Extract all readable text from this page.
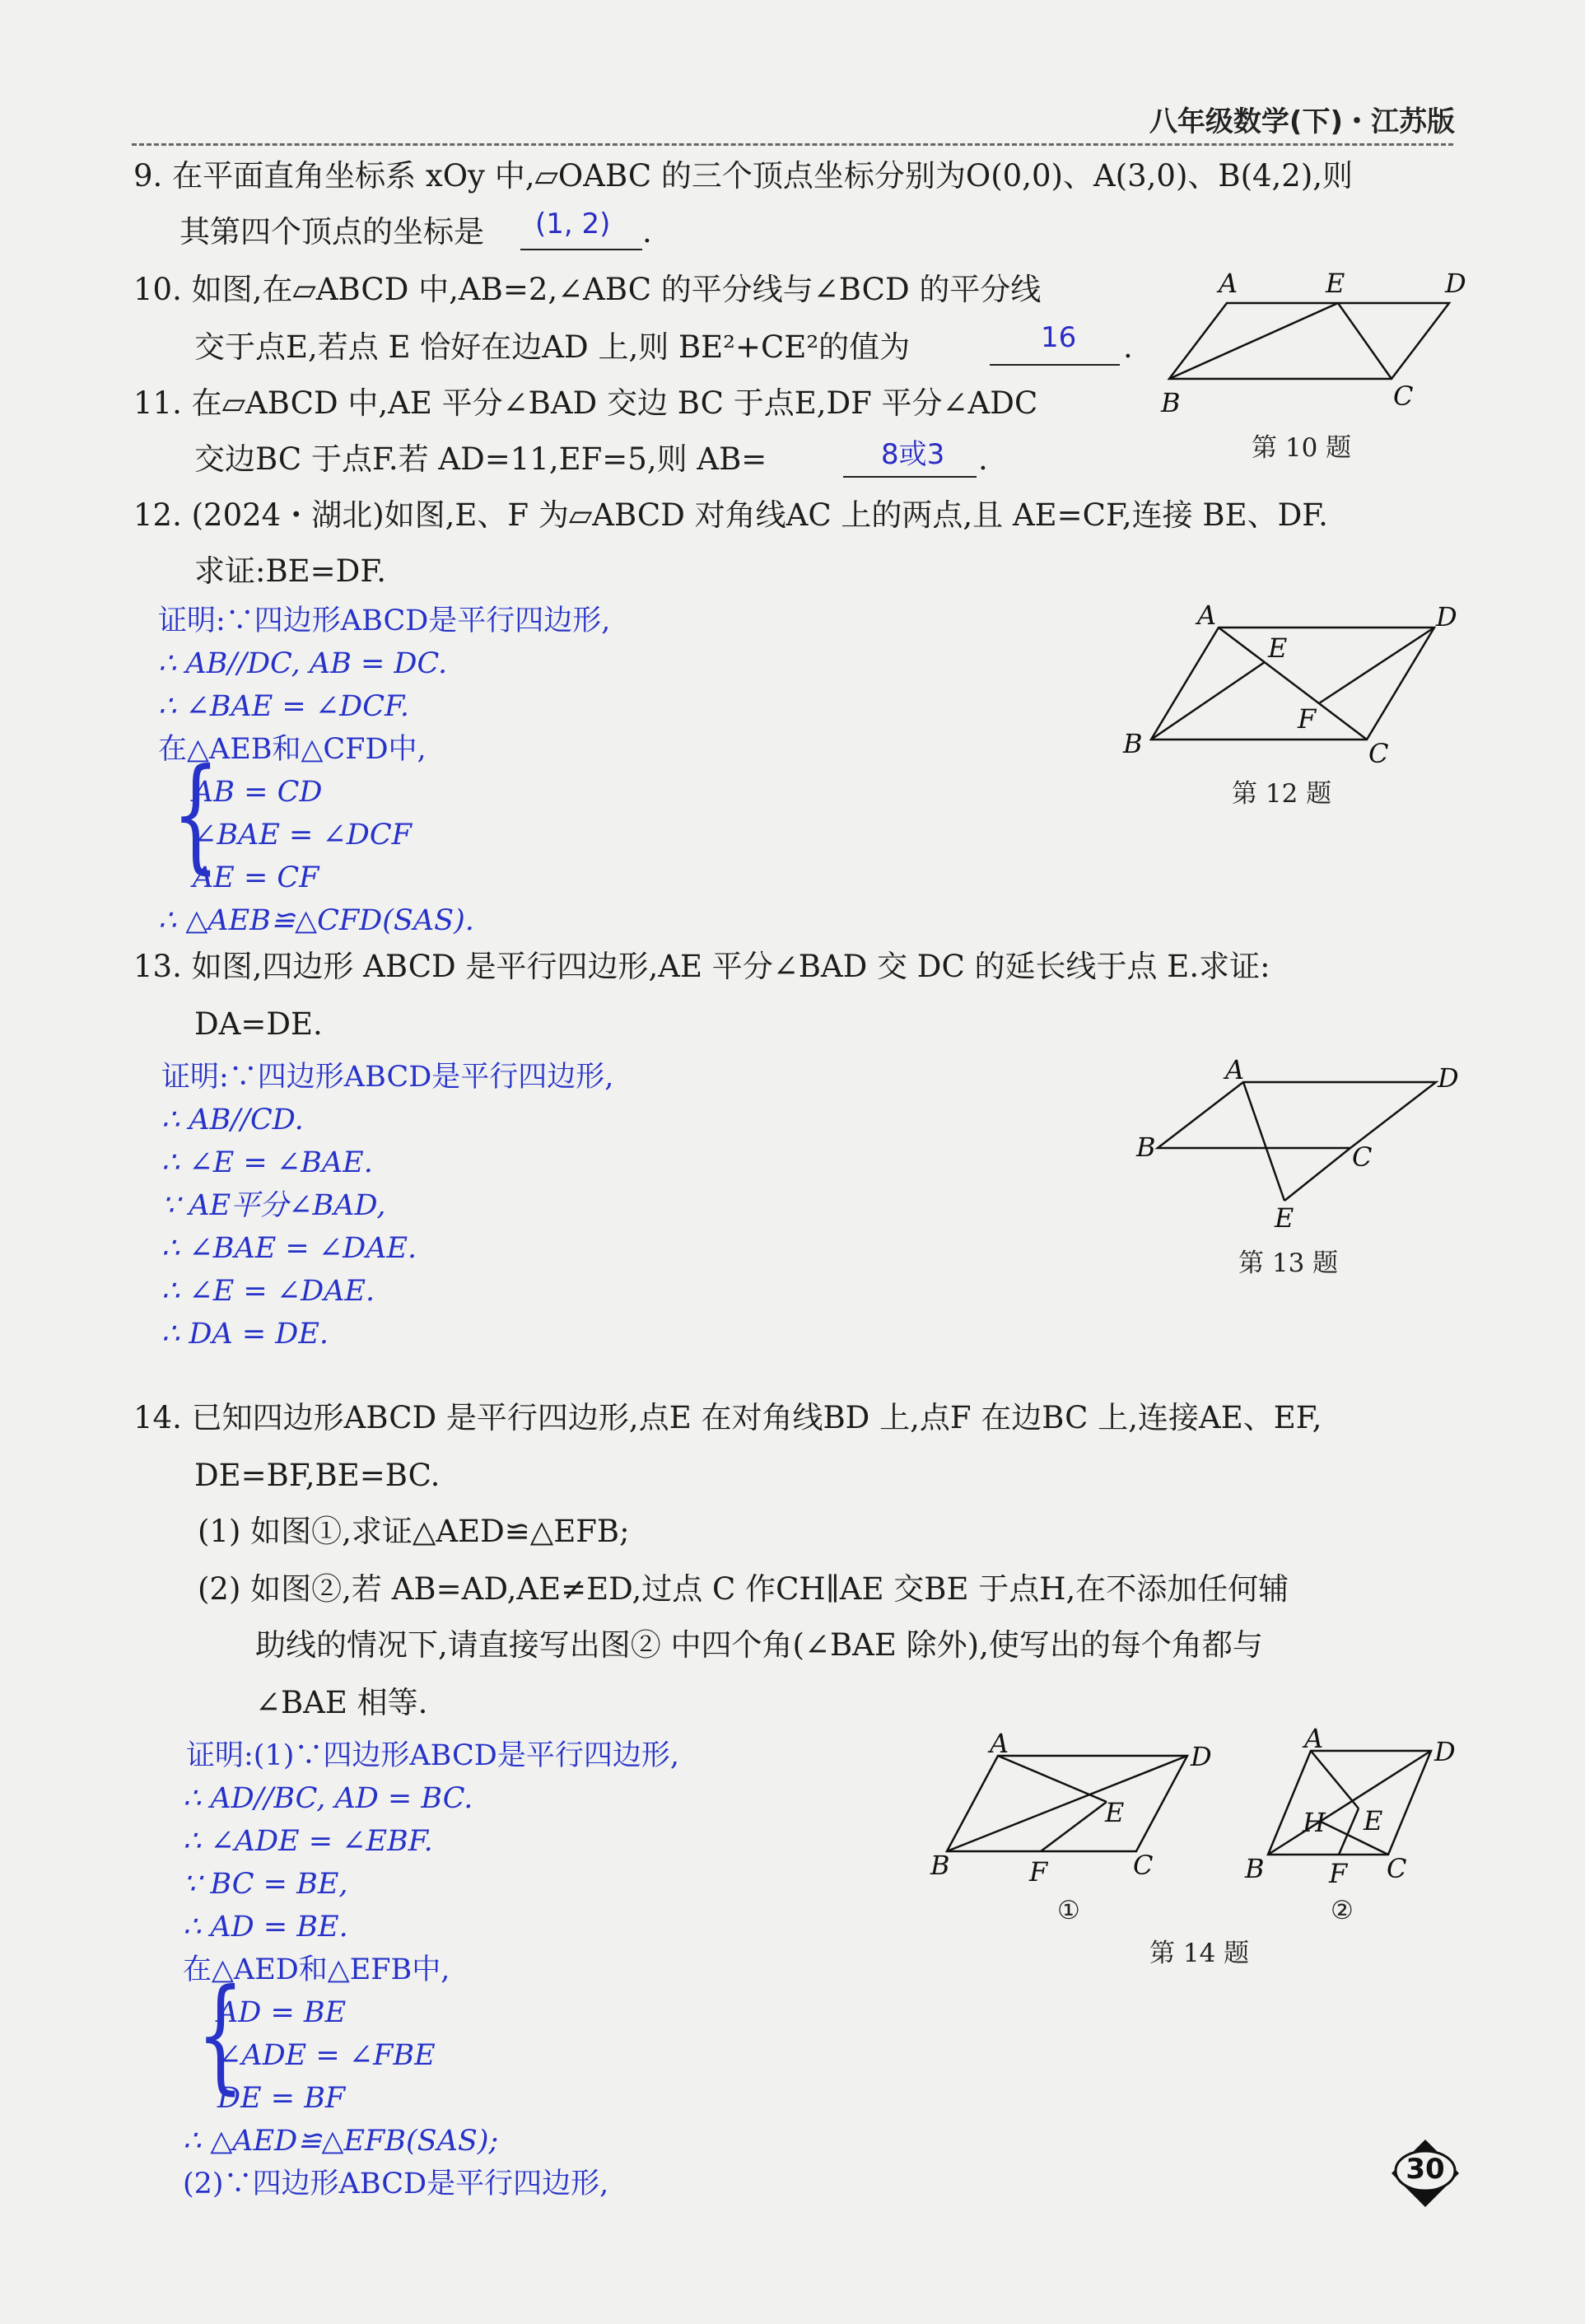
八年级数学(下)・江苏版
9. 在平面直角坐标系 xOy 中,▱OABC 的三个顶点坐标分别为O(0,0)、A(3,0)、B(4,2),则
其第四个顶点的坐标是 (1, 2) .
10. 如图,在▱ABCD 中,AB=2,∠ABC 的平分线与∠BCD 的平分线
交于点E,若点 E 恰好在边AD 上,则 BE²+CE²的值为	16 .
A	E	D
B	C
第 10 题
11. 在▱ABCD 中,AE 平分∠BAD 交边 BC 于点E,DF 平分∠ADC
交边BC 于点F.若 AD=11,EF=5,则 AB=	8或3 .
12. (2024・湖北)如图,E、F 为▱ABCD 对角线AC 上的两点,且 AE=CF,连接 BE、DF.
求证:BE=DF.
证明:∵四边形ABCD是平行四边形,
∴ AB//DC, AB = DC.
∴ ∠BAE = ∠DCF.
在△AEB和△CFD中,
{
AB = CD
∠BAE = ∠DCF
AE = CF
∴ △AEB≌△CFD(SAS).
A	D
E
F
B	C
第 12 题
13. 如图,四边形 ABCD 是平行四边形,AE 平分∠BAD 交 DC 的延长线于点 E.求证:
DA=DE.
证明:∵四边形ABCD是平行四边形,
∴ AB//CD.
∴ ∠E = ∠BAE.
∵ AE平分∠BAD,
∴ ∠BAE = ∠DAE.
∴ ∠E = ∠DAE.
∴ DA = DE.
A	D
B	C
E
第 13 题
14. 已知四边形ABCD 是平行四边形,点E 在对角线BD 上,点F 在边BC 上,连接AE、EF,
DE=BF,BE=BC.
(1) 如图①,求证△AED≌△EFB;
(2) 如图②,若 AB=AD,AE≠ED,过点 C 作CH∥AE 交BE 于点H,在不添加任何辅
助线的情况下,请直接写出图② 中四个角(∠BAE 除外),使写出的每个角都与
∠BAE 相等.
证明:(1)∵四边形ABCD是平行四边形,
∴ AD//BC, AD = BC.
∴ ∠ADE = ∠EBF.
∵ BC = BE,
∴ AD = BE.
在△AED和△EFB中,
{
AD = BE
∠ADE = ∠FBE
DE = BF
∴ △AED≌△EFB(SAS);
(2)∵四边形ABCD是平行四边形,
A	D
E
B	F	C
①
A	D
H E
B F C
②
第 14 题
30
